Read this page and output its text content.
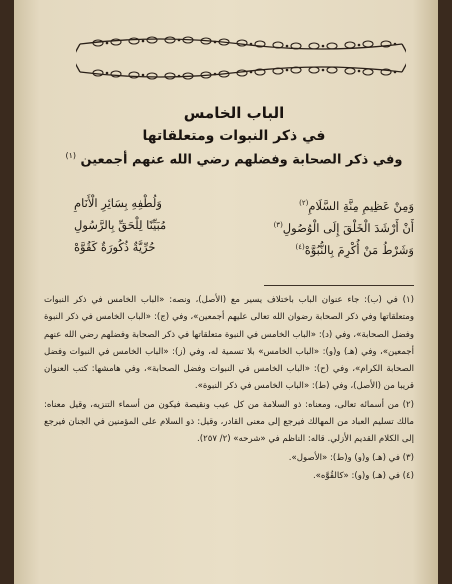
الباب الخامس
في ذكر النبوات ومتعلقاتها
وفي ذكر الصحابة وفضلهم رضي الله عنهم أجمعين $^{(١)}$
وَمِنْ عَظِيمِ مِنَّةِ السَّلَامِ$^{(٢)}$
وَلُطْفِهِ بِسَائِرِ الْأَنَامِ
أَنْ أَرْشَدَ الْخَلْقَ إِلَى الْوُصُولِ$^{(٣)}$
مُبَيِّنًا لِلْحَقِّ بِالرَّسُولِ
وَشَرْطُ مَنْ أُكْرِمَ بِالنُّبُوَّهْ$^{(٤)}$
حُرِّيَّةٌ ذُكُورَةٌ كَقُوَّهْ

(١) في (ب): جاء عنوان الباب باختلاف يسير مع (الأصل)، ونصه: «الباب الخامس في ذكر النبوات ومتعلقاتها وفي ذكر الصحابة رضوان الله تعالى عليهم أجمعين»، وفي (ج): «الباب الخامس في ذكر النبوة وفضل الصحابة»، وفي (د): «الباب الخامس في النبوة متعلقاتها في ذكر الصحابة وفضلهم رضي الله عنهم أجمعين»، وفي (هـ) و(و): «الباب الخامس» بلا تسمية له، وفي (ز): «الباب الخامس في النبوات وفضل الصحابة الكرام»، وفي (ح): «الباب الخامس في النبوات وفضل الصحابة»، وفي هامشها: كتب العنوان قريبا من (الأصل)، وفي (ط): «الباب الخامس في ذكر النبوة».

(٢) من أسمائه تعالى، ومعناه: ذو السلامة من كل عيب ونقيصة فيكون من أسماء التنزيه، وقيل معناه: مالك تسليم العباد من المهالك فيرجع إلى معنى القادر، وقيل: ذو السلام على المؤمنين في الجنان فيرجع إلى الكلام القديم الأزلي. قاله: الناظم في «شرحه» (٢/ ٢٥٧).

(٣) في (هـ) و(و) و(ط): «الأصول».

(٤) في (هـ) و(و): «كالقُوَّه».
